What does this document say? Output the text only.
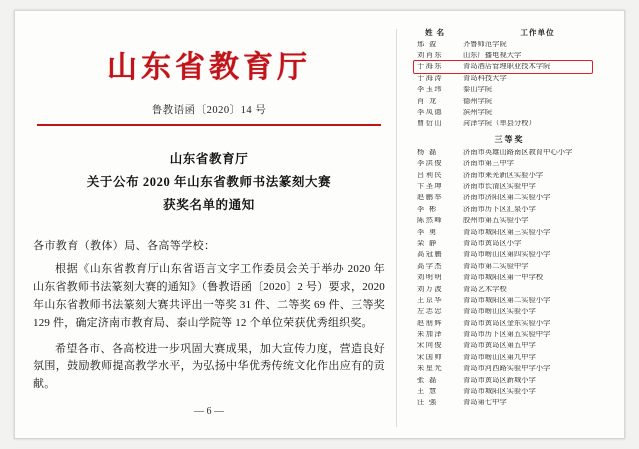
山东省教育厅
鲁教语函〔2020〕14 号
山东省教育厅
关于公布 2020 年山东省教师书法篆刻大赛
获奖名单的通知
各市教育（教体）局、各高等学校：
根据《山东省教育厅山东省语言文字工作委员会关于举办 2020 年山东省教师书法篆刻大赛的通知》（鲁教语函〔2020〕2 号）要求，2020 年山东省教师书法篆刻大赛共评出一等奖 31 件、二等奖 69 件、三等奖 129 件，确定济南市教育局、泰山学院等 12 个单位荣获优秀组织奖。
希望各市、各高校进一步巩固大赛成果，加大宣传力度，营造良好氛围，鼓励教师提高教学水平，为弘扬中华优秀传统文化作出应有的贡献。
— 6 —
姓 名	工作单位
邢 盈	齐鲁师范学院
刘肖东	山东广播电视大学
于海东	青岛酒店管理职业技术学院
于海涛	青岛科技大学
李玉玮	泰山学院
肖 龙	德州学院
李凤德	滨州学院
曹衍山	菏泽学院（单县分校）
三等奖
杨 磊	济南市英雄山路南区教育中心小学
李洪俊	济南市第三中学
吕利民	济南市莱芜新区实验小学
卞圣坤	济南市长清区实验中学
赵鹏举	济南市济阳区第二实验小学
李 彬	济南市历下区汇泉小学
陈然峰	胶州市第五实验小学
李 勇	青岛市城阳区第三实验小学
栾 静	青岛市黄岛区小学
高冠鹏	青岛市崂山区第四实验小学
高学杰	青岛市第二实验中学
刘明明	青岛市城阳区第一中学校
刘万波	青岛艺术学校
王京华	青岛市城阳区第二实验小学
左志忠	青岛市崂山区实验小学
赵朋辉	青岛市黄岛区金东实验小学
朱加泽	青岛市历下区第五实验中学
宋向俊	青岛市黄岛区第五中学
宋国帅	青岛市崂山区第九中学
朱星光	青岛市河西路实验中学小学
张 磊	青岛市黄岛区新城小学
王 慧	青岛市城阳区实验小学
汪 强	青岛第七中学
